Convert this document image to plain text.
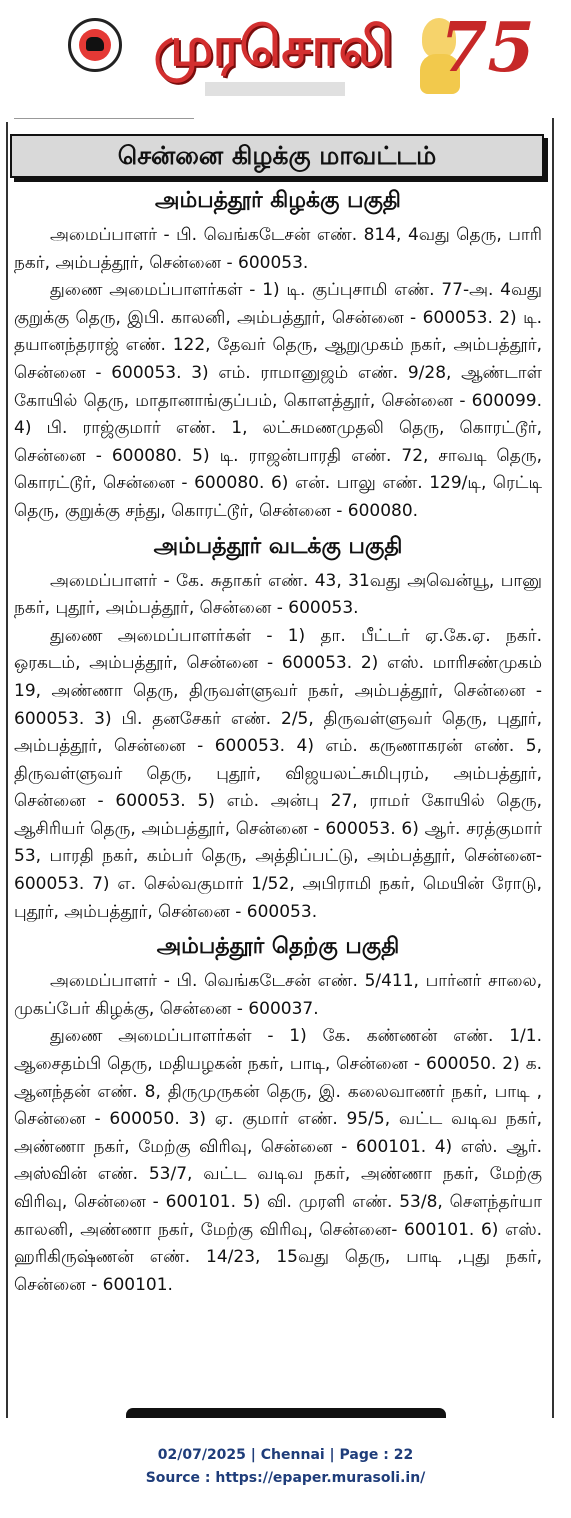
முரசொலி 75
சென்னை கிழக்கு மாவட்டம்
அம்பத்தூர் கிழக்கு பகுதி

அமைப்பாளர் - பி. வெங்கடேசன் எண். 814, 4வது தெரு, பாரி நகர், அம்பத்தூர், சென்னை - 600053.

துணை அமைப்பாளர்கள் - 1) டி. குப்புசாமி எண். 77-அ. 4வது குறுக்கு தெரு, இபி. காலனி, அம்பத்தூர், சென்னை - 600053. 2) டி. தயானந்தராஜ் எண். 122, தேவர் தெரு, ஆறுமுகம் நகர், அம்பத்தூர், சென்னை - 600053. 3) எம். ராமானுஜம் எண். 9/28, ஆண்டாள் கோயில் தெரு, மாதானாங்குப்பம், கொளத்தூர், சென்னை - 600099. 4) பி. ராஜ்குமார் எண். 1, லட்சுமணமுதலி தெரு, கொரட்டூர், சென்னை - 600080. 5) டி. ராஜன்பாரதி எண். 72, சாவடி தெரு, கொரட்டூர், சென்னை - 600080. 6) என். பாலு எண். 129/டி, ரெட்டி தெரு, குறுக்கு சந்து, கொரட்டூர், சென்னை - 600080.

அம்பத்தூர் வடக்கு பகுதி

அமைப்பாளர் - கே. சுதாகர் எண். 43, 31வது அவென்யூ, பானு நகர், புதூர், அம்பத்தூர், சென்னை - 600053.

துணை அமைப்பாளர்கள் - 1) தா. பீட்டர் ஏ.கே.ஏ. நகர். ஒரகடம், அம்பத்தூர், சென்னை - 600053. 2) எஸ். மாரிசண்முகம் 19, அண்ணா தெரு, திருவள்ளுவர் நகர், அம்பத்தூர், சென்னை - 600053. 3) பி. தனசேகர் எண். 2/5, திருவள்ளுவர் தெரு, புதூர், அம்பத்தூர், சென்னை - 600053. 4) எம். கருணாகரன் எண். 5, திருவள்ளுவர் தெரு, புதூர், விஜயலட்சுமிபுரம், அம்பத்தூர், சென்னை - 600053. 5) எம். அன்பு 27, ராமர் கோயில் தெரு, ஆசிரியர் தெரு, அம்பத்தூர், சென்னை - 600053. 6) ஆர். சரத்குமார் 53, பாரதி நகர், கம்பர் தெரு, அத்திப்பட்டு, அம்பத்தூர், சென்னை- 600053. 7) எ. செல்வகுமார் 1/52, அபிராமி நகர், மெயின் ரோடு, புதூர், அம்பத்தூர், சென்னை - 600053.

அம்பத்தூர் தெற்கு பகுதி

அமைப்பாளர் - பி. வெங்கடேசன் எண். 5/411, பார்னர் சாலை, முகப்பேர் கிழக்கு, சென்னை - 600037.

துணை அமைப்பாளர்கள் - 1) கே. கண்ணன் எண். 1/1. ஆசைதம்பி தெரு, மதியழகன் நகர், பாடி, சென்னை - 600050. 2) க. ஆனந்தன் எண். 8, திருமுருகன் தெரு, இ. கலைவாணர் நகர், பாடி , சென்னை - 600050. 3) ஏ. குமார் எண். 95/5, வட்ட வடிவ நகர், அண்ணா நகர், மேற்கு விரிவு, சென்னை - 600101. 4) எஸ். ஆர். அஸ்வின் எண். 53/7, வட்ட வடிவ நகர், அண்ணா நகர், மேற்கு விரிவு, சென்னை - 600101. 5) வி. முரளி எண். 53/8, சௌந்தர்யா காலனி, அண்ணா நகர், மேற்கு விரிவு, சென்னை- 600101. 6) எஸ். ஹரிகிருஷ்ணன் எண். 14/23, 15வது தெரு, பாடி ,புது நகர், சென்னை - 600101.

02/07/2025 | Chennai | Page : 22
Source : https://epaper.murasoli.in/
